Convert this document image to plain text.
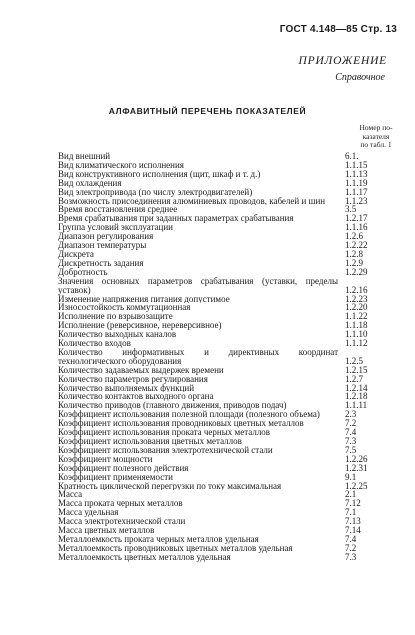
ГОСТ 4.148—85 Стр. 13
ПРИЛОЖЕНИЕ
Справочное
АЛФАВИТНЫЙ ПЕРЕЧЕНЬ ПОКАЗАТЕЛЕЙ
Номер по-
казателя
по табл. 1
Вид внешний	6.1.
Вид климатического исполнения	1.1.15
Вид конструктивного исполнения (щит, шкаф и т. д.)	1.1.13
Вид охлаждения	1.1.19
Вид электропривода (по числу электродвигателей)	1.1.17
Возможность присоединения алюминиевых проводов, кабелей и шин	1.1.23
Время восстановления среднее	3.5
Время срабатывания при заданных параметрах срабатывания	1.2.17
Группа условий эксплуатации	1.1.16
Диапазон регулирования	1.2.6
Диапазон температуры	1.2.22
Дискрета	1.2.8
Дискретность задания	1.2.9
Добротность	1.2.29
Значения основных параметров срабатывания (уставки, пределы уставок)	1.2.16
Изменение напряжения питания допустимое	1.2.23
Износостойкость коммутационная	1.2.20
Исполнение по взрывозащите	1.1.22
Исполнение (реверсивное, нереверсивное)	1.1.18
Количество выходных каналов	1.1.10
Количество входов	1.1.12
Количество информативных и директивных координат технологического оборудования	1.2.5
Количество задаваемых выдержек времени	1.2.15
Количество параметров регулирования	1.2.7
Количество выполняемых функций	1.2.14
Количество контактов выходного органа	1.2.18
Количество приводов (главного движения, приводов подач)	1.1.11
Коэффициент использования полезной площади (полезного объема)	2.3
Коэффициент использования проводниковых цветных металлов	7.2
Коэффициент использования проката черных металлов	7.4
Коэффициент использования цветных металлов	7.3
Коэффициент использования электротехнической стали	7.5
Коэффициент мощности	1.2.26
Коэффициент полезного действия	1.2.31
Коэффициент применяемости	9.1
Кратность циклической перегрузки по току максимальная	1.2.25
Масса	2.1
Масса проката черных металлов	7.12
Масса удельная	7.1
Масса электротехнической стали	7.13
Масса цветных металлов	7.14
Металлоемкость проката черных металлов удельная	7.4
Металлоемкость проводниковых цветных металлов удельная	7.2
Металлоемкость цветных металлов удельная	7.3
